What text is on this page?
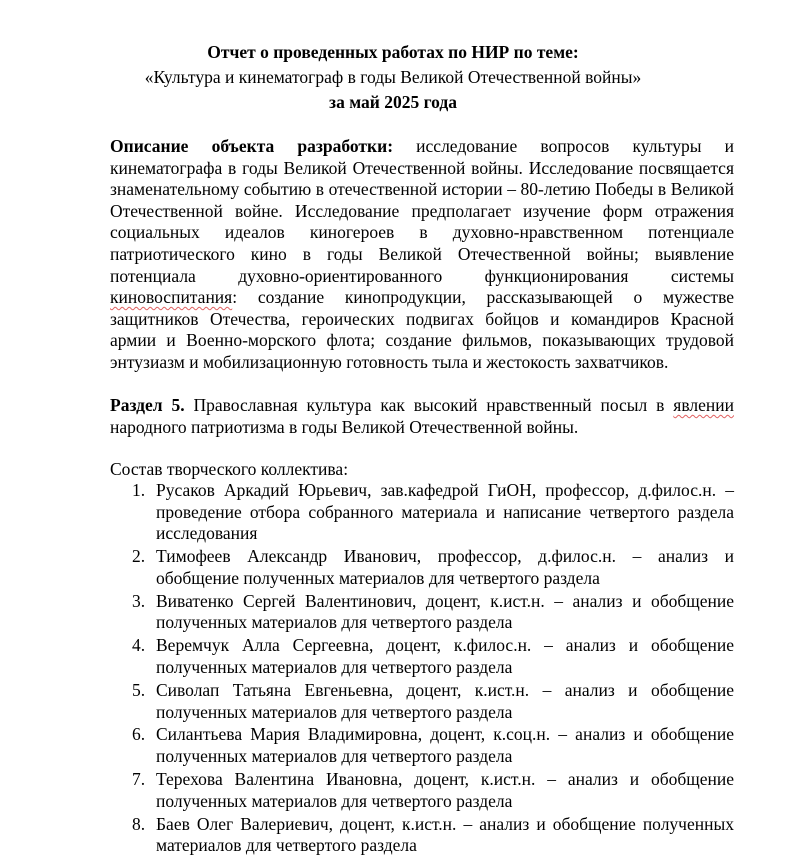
Отчет о проведенных работах по НИР по теме:
«Культура и кинематограф в годы Великой Отечественной войны»
за май 2025 года
Описание объекта разработки: исследование вопросов культуры и кинематографа в годы Великой Отечественной войны. Исследование посвящается знаменательному событию в отечественной истории – 80-летию Победы в Великой Отечественной войне. Исследование предполагает изучение форм отражения социальных идеалов киногероев в духовно-нравственном потенциале патриотического кино в годы Великой Отечественной войны; выявление потенциала духовно-ориентированного функционирования системы киновоспитания: создание кинопродукции, рассказывающей о мужестве защитников Отечества, героических подвигах бойцов и командиров Красной армии и Военно-морского флота; создание фильмов, показывающих трудовой энтузиазм и мобилизационную готовность тыла и жестокость захватчиков.
Раздел 5. Православная культура как высокий нравственный посыл в явлении народного патриотизма в годы Великой Отечественной войны.
Состав творческого коллектива:
1. Русаков Аркадий Юрьевич, зав.кафедрой ГиОН, профессор, д.филос.н. – проведение отбора собранного материала и написание четвертого раздела исследования
2. Тимофеев Александр Иванович, профессор, д.филос.н. – анализ и обобщение полученных материалов для четвертого раздела
3. Виватенко Сергей Валентинович, доцент, к.ист.н. – анализ и обобщение полученных материалов для четвертого раздела
4. Веремчук Алла Сергеевна, доцент, к.филос.н. – анализ и обобщение полученных материалов для четвертого раздела
5. Сиволап Татьяна Евгеньевна, доцент, к.ист.н. – анализ и обобщение полученных материалов для четвертого раздела
6. Силантьева Мария Владимировна, доцент, к.соц.н. – анализ и обобщение полученных материалов для четвертого раздела
7. Терехова Валентина Ивановна, доцент, к.ист.н. – анализ и обобщение полученных материалов для четвертого раздела
8. Баев Олег Валериевич, доцент, к.ист.н. – анализ и обобщение полученных материалов для четвертого раздела
